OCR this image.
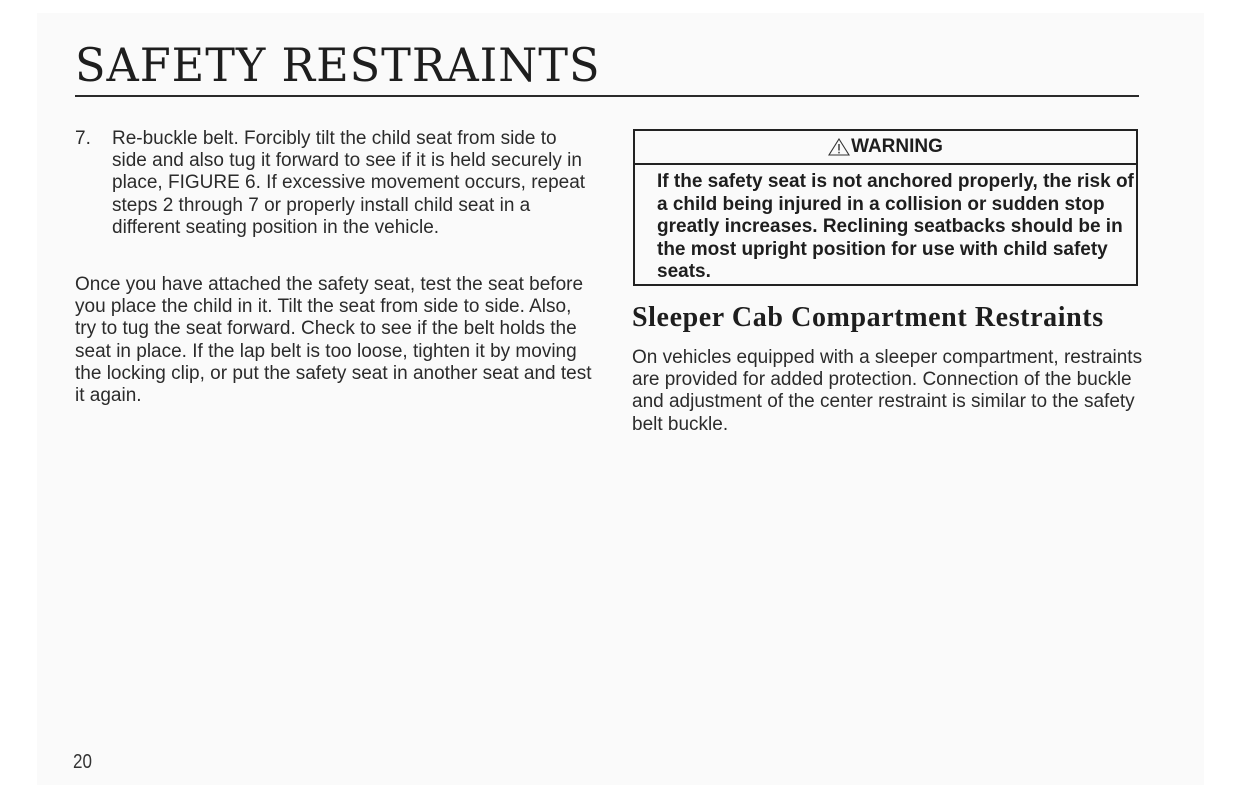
SAFETY RESTRAINTS
7.	Re-buckle belt. Forcibly tilt the child seat from side to side and also tug it forward to see if it is held securely in place, FIGURE 6. If excessive movement occurs, repeat steps 2 through 7 or properly install child seat in a different seating position in the vehicle.

Once you have attached the safety seat, test the seat before you place the child in it. Tilt the seat from side to side. Also, try to tug the seat forward. Check to see if the belt holds the seat in place. If the lap belt is too loose, tighten it by moving the locking clip, or put the safety seat in another seat and test it again.

WARNING
If the safety seat is not anchored properly, the risk of a child being injured in a collision or sudden stop greatly increases. Reclining seatbacks should be in the most upright position for use with child safety seats.
Sleeper Cab Compartment Restraints

On vehicles equipped with a sleeper compartment, restraints are provided for added protection. Connection of the buckle and adjustment of the center restraint is similar to the safety belt buckle.

20
